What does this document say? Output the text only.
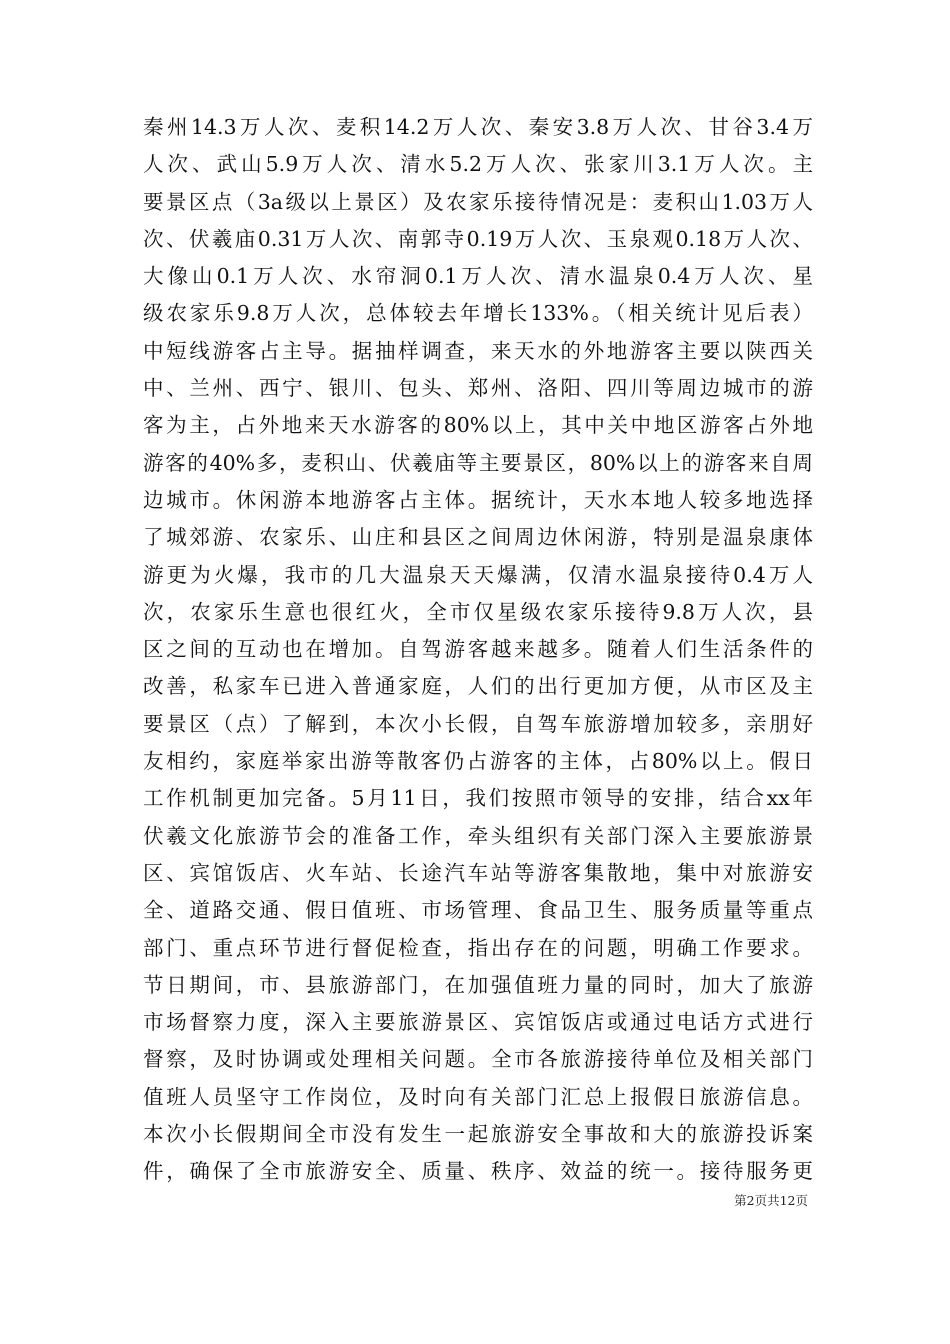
秦州14.3万人次、麦积14.2万人次、秦安3.8万人次、甘谷3.4万
人次、武山5.9万人次、清水5.2万人次、张家川3.1万人次。主
要景区点（3a级以上景区）及农家乐接待情况是：麦积山1.03万人
次、伏羲庙0.31万人次、南郭寺0.19万人次、玉泉观0.18万人次、
大像山0.1万人次、水帘洞0.1万人次、清水温泉0.4万人次、星
级农家乐9.8万人次，总体较去年增长133%。（相关统计见后表）
中短线游客占主导。据抽样调查，来天水的外地游客主要以陕西关
中、兰州、西宁、银川、包头、郑州、洛阳、四川等周边城市的游
客为主，占外地来天水游客的80%以上，其中关中地区游客占外地
游客的40%多，麦积山、伏羲庙等主要景区，80%以上的游客来自周
边城市。休闲游本地游客占主体。据统计，天水本地人较多地选择
了城郊游、农家乐、山庄和县区之间周边休闲游，特别是温泉康体
游更为火爆，我市的几大温泉天天爆满，仅清水温泉接待0.4万人
次，农家乐生意也很红火，全市仅星级农家乐接待9.8万人次，县
区之间的互动也在增加。自驾游客越来越多。随着人们生活条件的
改善，私家车已进入普通家庭，人们的出行更加方便，从市区及主
要景区（点）了解到，本次小长假，自驾车旅游增加较多，亲朋好
友相约，家庭举家出游等散客仍占游客的主体，占80%以上。假日
工作机制更加完备。5月11日，我们按照市领导的安排，结合xx年
伏羲文化旅游节会的准备工作，牵头组织有关部门深入主要旅游景
区、宾馆饭店、火车站、长途汽车站等游客集散地，集中对旅游安
全、道路交通、假日值班、市场管理、食品卫生、服务质量等重点
部门、重点环节进行督促检查，指出存在的问题，明确工作要求。
节日期间，市、县旅游部门，在加强值班力量的同时，加大了旅游
市场督察力度，深入主要旅游景区、宾馆饭店或通过电话方式进行
督察，及时协调或处理相关问题。全市各旅游接待单位及相关部门
值班人员坚守工作岗位，及时向有关部门汇总上报假日旅游信息。
本次小长假期间全市没有发生一起旅游安全事故和大的旅游投诉案
件，确保了全市旅游安全、质量、秩序、效益的统一。接待服务更
第2页共12页
